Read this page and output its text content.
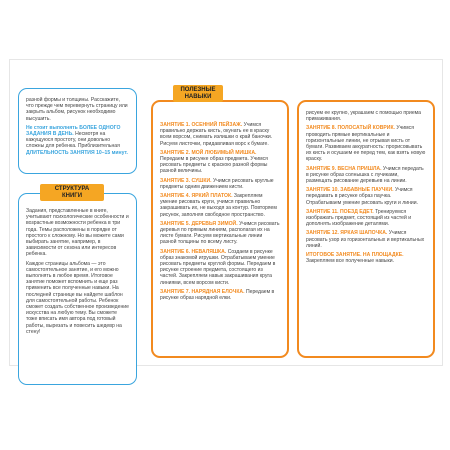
разной формы и толщины. Расскажите, что прежде чем перевернуть страницу или закрыть альбом, рисунок необходимо высушить.

Не стоит выполнять БОЛЕЕ ОДНОГО ЗАДАНИЯ В ДЕНЬ. Несмотря на кажущуюся простоту, они довольно сложны для ребенка. Приблизительная ДЛИТЕЛЬНОСТЬ ЗАНЯТИЯ 10–15 минут.

Задания, представленные в книге, учитывают психологические особенности и возрастные возможности ребенка в три года. Темы расположены в порядке от простого к сложному. Но вы можете сами выбирать занятие, например, в зависимости от сезона или интересов ребенка.

Каждое страницы альбома — это самостоятельное занятие, и его можно выполнять в любое время. Итоговое занятие поможет вспомнить и еще раз применить все полученные навыки. На последней странице вы найдете шаблон для самостоятельной работы. Ребенок сможет создать собственное произведение искусства на любую тему. Вы сможете тоже вписать имя автора под готовый работы, вырезать и повесить шедевр на стену!

СТРУКТУРА КНИГИ

ЗАНЯТИЕ 1. ОСЕННИЙ ПЕЙЗАЖ. Учимся правильно держать кисть, окунать ее в краску всем ворсом, снимать излишки о край баночки. Рисуем листочки, придавливая ворс к бумаге.

ЗАНЯТИЕ 2. МОЙ ЛЮБИМЫЙ МИШКА. Передаем в рисунке образ предмета. Учимся рисовать предметы с краскою разной формы разной величины.

ЗАНЯТИЕ 3. СУШКИ. Учимся рисовать круглые предметы одним движением кисти.

ЗАНЯТИЕ 4. ЯРКИЙ ПЛАТОК. Закрепляем умение рисовать круги, учимся правильно закрашивать их, не выходя за контур. Повторяем рисунок, заполняя свободное пространство.

ЗАНЯТИЕ 5. ДЕРЕВЬЯ ЗИМОЙ. Учимся рисовать деревья по прямым линиям, располагая их на листе бумаги. Рисуем вертикальные линии разной толщины по всему листу.

ЗАНЯТИЕ 6. НЕВАЛЯШКА. Создаем в рисунке образ знакомой игрушки. Отрабатываем умение рисовать предметы круглой формы. Передаем в рисунке строение предмета, состоящего из частей. Закрепляем навык закрашивания круга линиями, всем ворсом кисти.

ЗАНЯТИЕ 7. НАРЯДНАЯ ЕЛОЧКА. Передаем в рисунке образ нарядной елки.

ПОЛЕЗНЫЕ НАВЫКИ

рисуем ее крупно, украшаем с помощью приема примакивания.

ЗАНЯТИЕ 8. ПОЛОСАТЫЙ КОВРИК. Учимся проводить прямые вертикальные и горизонтальные линии, не отрывая кисть от бумаги. Развиваем аккуратность: прорисовывать их кисть и осушаем ее перед тем, как взять новую краску.

ЗАНЯТИЕ 9. ВЕСНА ПРИШЛА. Учимся передать в рисунке образ солнышка с лучиками, размещать рисование деревьев на линии.

ЗАНЯТИЕ 10. ЗАБАВНЫЕ ПАУЧКИ. Учимся передавать в рисунке образ паучка. Отрабатываем умение рисовать круги и линии.

ЗАНЯТИЕ 11. ПОЕЗД ЕДЕТ. Тренируемся изображать предмет, состоящий из частей и дополнять изображение деталями.

ЗАНЯТИЕ 12. ЯРКАЯ ШАПОЧКА. Учимся рисовать узор из горизонтальных и вертикальных линий.

ИТОГОВОЕ ЗАНЯТИЕ. НА ПЛОЩАДКЕ. Закрепляем все полученные навыки.
